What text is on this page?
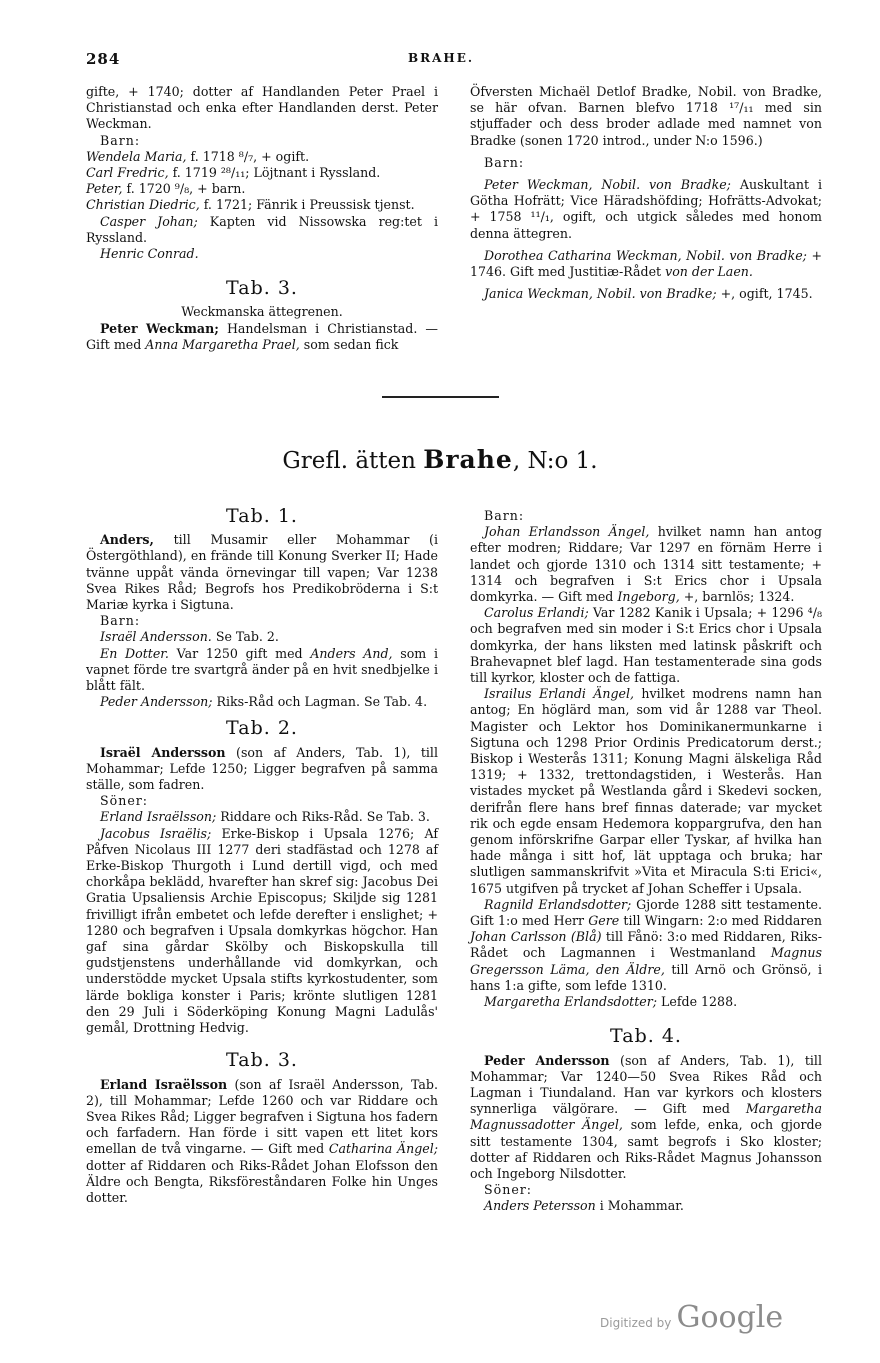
284	BRAHE.

gifte, + 1740; dotter af Handlanden Peter Prael i Christianstad och enka efter Handlanden derst. Peter Weckman.

Barn:

Wendela Maria, f. 1718 ⁸/₇, + ogift.

Carl Fredric, f. 1719 ²⁸/₁₁; Löjtnant i Ryssland.

Peter, f. 1720 ⁹/₈, + barn.

Christian Diedric, f. 1721; Fänrik i Preussisk tjenst.

Casper Johan; Kapten vid Nissowska reg:tet i Ryssland.

Henric Conrad.

Tab. 3.

Weckmanska ättegrenen.

Peter Weckman; Handelsman i Christianstad. — Gift med Anna Margaretha Prael, som sedan fick

Öfversten Michaël Detlof Bradke, Nobil. von Bradke, se här ofvan. Barnen blefvo 1718 ¹⁷/₁₁ med sin stjuffader och dess broder adlade med namnet von Bradke (sonen 1720 introd., under N:o 1596.)

Barn:

Peter Weckman, Nobil. von Bradke; Auskultant i Götha Hofrätt; Vice Häradshöfding; Hofrätts-Advokat; + 1758 ¹¹/₁, ogift, och utgick således med honom denna ättegren.

Dorothea Catharina Weckman, Nobil. von Bradke; + 1746. Gift med Justitiæ-Rådet von der Laen.

Janica Weckman, Nobil. von Bradke; +, ogift, 1745.

Grefl. ätten Brahe, N:o 1.

Tab. 1.

Anders, till Musamir eller Mohammar (i Östergöthland), en frände till Konung Sverker II; Hade tvänne uppåt vända örnevingar till vapen; Var 1238 Svea Rikes Råd; Begrofs hos Predikobröderna i S:t Mariæ kyrka i Sigtuna.

Barn:

Israël Andersson. Se Tab. 2.

En Dotter. Var 1250 gift med Anders And, som i vapnet förde tre svartgrå änder på en hvit snedbjelke i blått fält.

Peder Andersson; Riks-Råd och Lagman. Se Tab. 4.

Tab. 2.

Israël Andersson (son af Anders, Tab. 1), till Mohammar; Lefde 1250; Ligger begrafven på samma ställe, som fadren.

Söner:

Erland Israëlsson; Riddare och Riks-Råd. Se Tab. 3.

Jacobus Israëlis; Erke-Biskop i Upsala 1276; Af Påfven Nicolaus III 1277 deri stadfästad och 1278 af Erke-Biskop Thurgoth i Lund dertill vigd, och med chorkåpa beklädd, hvarefter han skref sig: Jacobus Dei Gratia Upsaliensis Archie Episcopus; Skiljde sig 1281 frivilligt ifrån embetet och lefde derefter i enslighet; + 1280 och begrafven i Upsala domkyrkas högchor. Han gaf sina gårdar Skölby och Biskopskulla till gudstjenstens underhållande vid domkyrkan, och understödde mycket Upsala stifts kyrkostudenter, som lärde bokliga konster i Paris; krönte slutligen 1281 den 29 Juli i Söderköping Konung Magni Ladulås' gemål, Drottning Hedvig.

Tab. 3.

Erland Israëlsson (son af Israël Andersson, Tab. 2), till Mohammar; Lefde 1260 och var Riddare och Svea Rikes Råd; Ligger begrafven i Sigtuna hos fadern och farfadern. Han förde i sitt vapen ett litet kors emellan de två vingarne. — Gift med Catharina Ängel; dotter af Riddaren och Riks-Rådet Johan Elofsson den Äldre och Bengta, Riksföreståndaren Folke hin Unges dotter.

Barn:

Johan Erlandsson Ängel, hvilket namn han antog efter modren; Riddare; Var 1297 en förnäm Herre i landet och gjorde 1310 och 1314 sitt testamente; + 1314 och begrafven i S:t Erics chor i Upsala domkyrka. — Gift med Ingeborg, +, barnlös; 1324.

Carolus Erlandi; Var 1282 Kanik i Upsala; + 1296 ⁴/₈ och begrafven med sin moder i S:t Erics chor i Upsala domkyrka, der hans liksten med latinsk påskrift och Brahevapnet blef lagd. Han testamenterade sina gods till kyrkor, kloster och de fattiga.

Israilus Erlandi Ängel, hvilket modrens namn han antog; En höglärd man, som vid år 1288 var Theol. Magister och Lektor hos Dominikanermunkarne i Sigtuna och 1298 Prior Ordinis Predicatorum derst.; Biskop i Westerås 1311; Konung Magni älskeliga Råd 1319; + 1332, trettondagstiden, i Westerås. Han vistades mycket på Westlanda gård i Skedevi socken, derifrån flere hans bref finnas daterade; var mycket rik och egde ensam Hedemora koppargrufva, den han genom införskrifne Garpar eller Tyskar, af hvilka han hade många i sitt hof, lät upptaga och bruka; har slutligen sammanskrifvit »Vita et Miracula S:ti Erici«, 1675 utgifven på trycket af Johan Scheffer i Upsala.

Ragnild Erlandsdotter; Gjorde 1288 sitt testamente. Gift 1:o med Herr Gere till Wingarn: 2:o med Riddaren Johan Carlsson (Blå) till Fånö: 3:o med Riddaren, Riks-Rådet och Lagmannen i Westmanland Magnus Gregersson Läma, den Äldre, till Arnö och Grönsö, i hans 1:a gifte, som lefde 1310.

Margaretha Erlandsdotter; Lefde 1288.

Tab. 4.

Peder Andersson (son af Anders, Tab. 1), till Mohammar; Var 1240—50 Svea Rikes Råd och Lagman i Tiundaland. Han var kyrkors och klosters synnerliga välgörare. — Gift med Margaretha Magnussadotter Ängel, som lefde, enka, och gjorde sitt testamente 1304, samt begrofs i Sko kloster; dotter af Riddaren och Riks-Rådet Magnus Johansson och Ingeborg Nilsdotter.

Söner:

Anders Petersson i Mohammar.

Digitized by Google
